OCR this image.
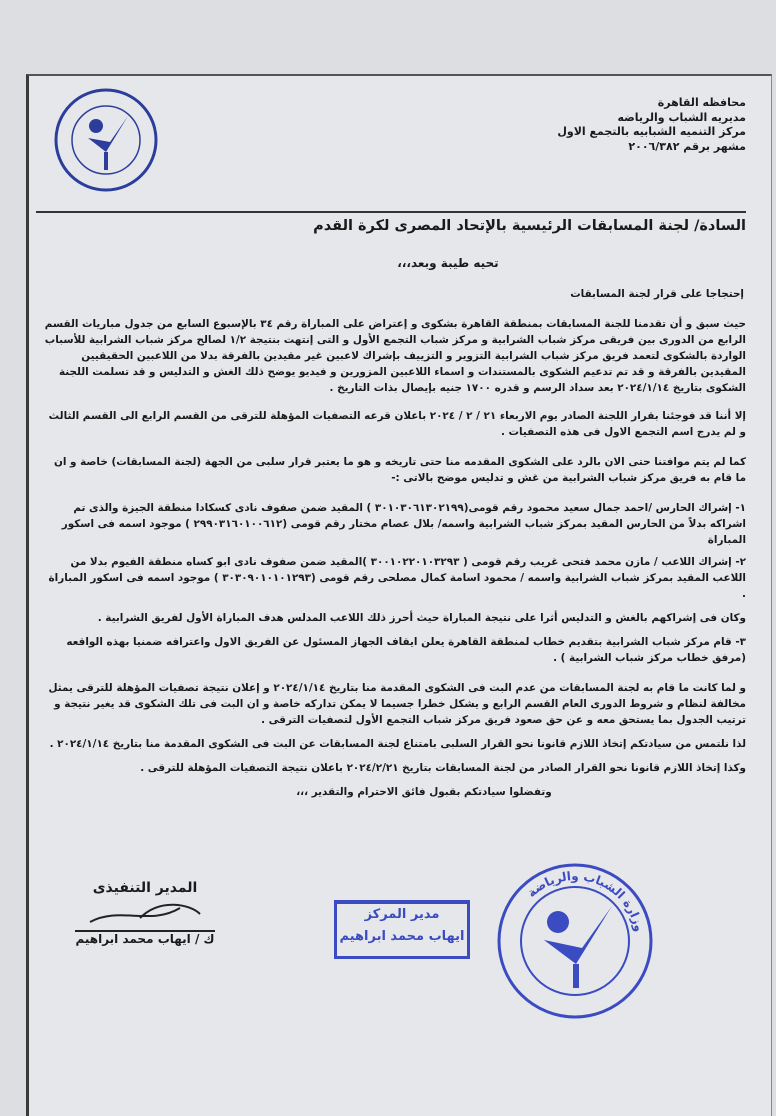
محافظه القاهرة
مديريه الشباب والرياضه
مركز التنميه الشبابيه بالتجمع الاول
مشهر برقم ٢٠٠٦/٣٨٢
السادة/ لجنة المسابقات الرئيسية بالإتحاد المصرى لكرة القدم
تحيه طيبة وبعد،،،
إحتجاجا على قرار لجنة المسابقات

حيث سبق و أن تقدمنا للجنة المسابقات بمنطقة القاهرة بشكوى و إعتراض على المباراة رقم ٣٤ بالإسبوع السابع من جدول مباريات القسم الرابع من الدورى بين فريقى مركز شباب الشرابية و مركز شباب التجمع الأول و التى إنتهت بنتيجة ١/٢ لصالح مركز شباب الشرابية للأسباب الواردة بالشكوى لتعمد فريق مركز شباب الشرابية التزوير و التزييف بإشراك لاعبين غير مقيدين بالفرقة بدلا من اللاعبين الحقيقيين المقيدين بالفرقة و قد تم تدعيم الشكوى بالمستندات و اسماء اللاعبين المزورين و فيديو يوضح ذلك الغش و التدليس و قد تسلمت اللجنة الشكوى بتاريخ ٢٠٢٤/١/١٤ بعد سداد الرسم و قدره ١٧٠٠ جنيه بإيصال بذات التاريخ .

إلا أننا قد فوجئنا بقرار اللجنة الصادر يوم الاربعاء ٢١ / ٢ / ٢٠٢٤ باعلان قرعه التصفيات المؤهلة للترقى من القسم الرابع الى القسم الثالث و لم يدرج اسم التجمع الاول فى هذه التصفيات .

كما لم يتم موافتنا حتى الان بالرد على الشكوى المقدمه منا حتى تاريخه و هو ما يعتبر قرار سلبى من الجهة (لجنة المسابقات) خاصة و ان ما قام به فريق مركز شباب الشرابية من غش و تدليس موضح بالاتى :-

١- إشراك الحارس /احمد جمال سعيد محمود رقم قومى(٣٠١٠٣٠٦١٣٠٢١٩٩ ) المقيد ضمن صفوف نادى كسكادا منطقة الجيزة والذى تم اشراكه بدلاً من الحارس المقيد بمركز شباب الشرابية واسمه/ بلال عصام مختار رقم قومى (٢٩٩٠٣١٦٠١٠٠٦١٢ ) موجود اسمه فى اسكور المباراة

٢- إشراك اللاعب / مازن محمد فتحى غريب رقم قومى ( ٣٠٠١٠٢٢٠١٠٣٢٩٣ )المقيد ضمن صفوف نادى ابو كساه منطقة الفيوم بدلا من اللاعب المقيد بمركز شباب الشرابية واسمه / محمود اسامة كمال مصلحى رقم قومى (٣٠٣٠٩٠١٠١٠١٢٩٣ ) موجود اسمه فى اسكور المباراة .

وكان فى إشراكهم بالغش و التدليس أثرا على نتيجة المباراة حيث أحرز ذلك اللاعب المدلس هدف المباراة الأول لفريق الشرابية .

٣- قام مركز شباب الشرابية بتقديم خطاب لمنطقة القاهرة يعلن ايقاف الجهاز المسئول عن الفريق الاول واعترافه ضمنيا بهذه الواقعه (مرفق خطاب مركز شباب الشرابية ) .

و لما كانت ما قام به لجنة المسابقات من عدم البت فى الشكوى المقدمة منا بتاريخ ٢٠٢٤/١/١٤ و إعلان نتيجة تصفيات المؤهلة للترقى يمثل مخالفة لنظام و شروط الدورى العام القسم الرابع و يشكل خطرا جسيما لا يمكن تداركه خاصة و ان البت فى تلك الشكوى قد يغير نتيجة و ترتيب الجدول بما يستحق معه و عن حق صعود فريق مركز شباب التجمع الأول لتصفيات الترقى .

لذا نلتمس من سيادتكم إتخاذ اللازم قانونا نحو القرار السلبى بامتناع لجنة المسابقات عن البت فى الشكوى المقدمة منا بتاريخ ٢٠٢٤/١/١٤ .

وكذا إتخاذ اللازم قانونا نحو القرار الصادر من لجنة المسابقات بتاريخ ٢٠٢٤/٢/٢١ باعلان نتيجة التصفيات المؤهلة للترقى .

وتفضلوا سيادتكم بقبول فائق الاحترام والتقدير ،،،

المدير التنفيذى
ك / ايهاب محمد ابراهيم
مدير المركز
ايهاب محمد ابراهيم
وزارة الشباب والرياضة
